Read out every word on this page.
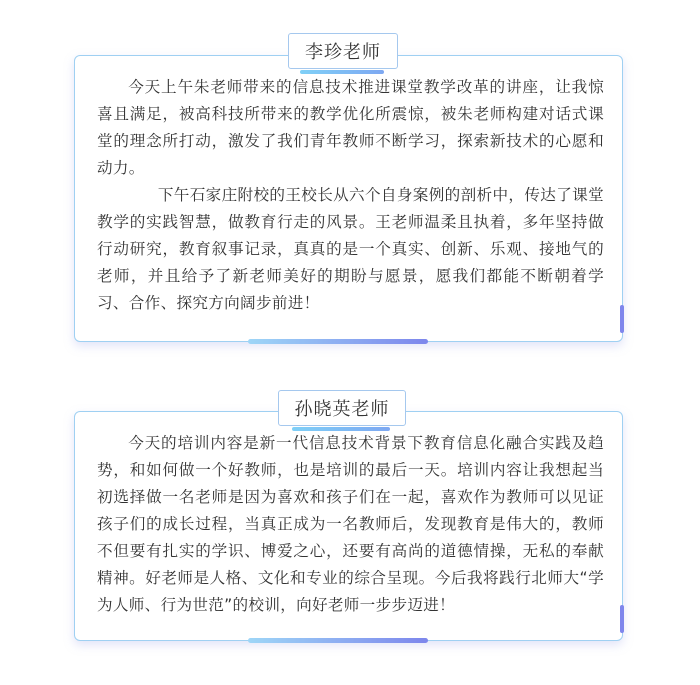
今天上午朱老师带来的信息技术推进课堂教学改革的讲座，让我惊喜且满足，被高科技所带来的教学优化所震惊，被朱老师构建对话式课堂的理念所打动，激发了我们青年教师不断学习，探索新技术的心愿和动力。

下午石家庄附校的王校长从六个自身案例的剖析中，传达了课堂教学的实践智慧，做教育行走的风景。王老师温柔且执着，多年坚持做行动研究，教育叙事记录，真真的是一个真实、创新、乐观、接地气的老师，并且给予了新老师美好的期盼与愿景，愿我们都能不断朝着学习、合作、探究方向阔步前进！

李珍老师

今天的培训内容是新一代信息技术背景下教育信息化融合实践及趋势，和如何做一个好教师，也是培训的最后一天。培训内容让我想起当初选择做一名老师是因为喜欢和孩子们在一起，喜欢作为教师可以见证孩子们的成长过程，当真正成为一名教师后，发现教育是伟大的，教师不但要有扎实的学识、博爱之心，还要有高尚的道德情操，无私的奉献精神。好老师是人格、文化和专业的综合呈现。今后我将践行北师大“学为人师、行为世范”的校训，向好老师一步步迈进！

孙晓英老师
